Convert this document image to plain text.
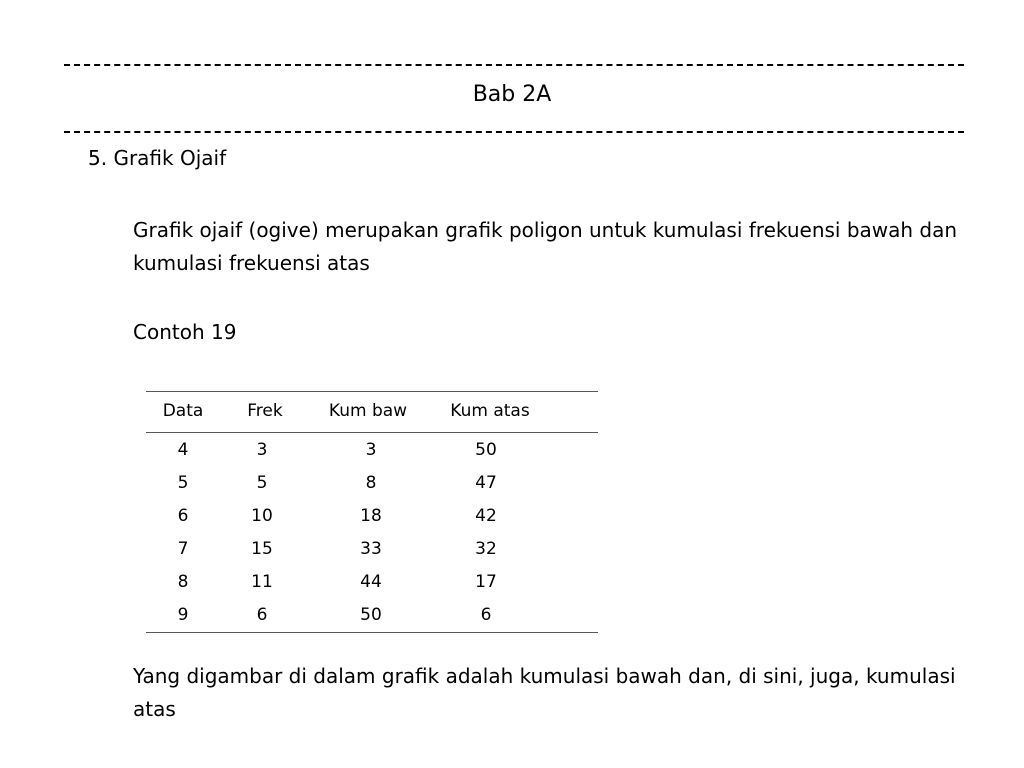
Bab 2A
5. Grafik Ojaif
Grafik ojaif (ogive) merupakan grafik poligon untuk kumulasi frekuensi bawah dan kumulasi frekuensi atas
Contoh 19
Data	Frek	Kum baw	Kum atas
4	3	3	50
5	5	8	47
6	10	18	42
7	15	33	32
8	11	44	17
9	6	50	6
Yang digambar di dalam grafik adalah kumulasi bawah dan, di sini, juga, kumulasi atas
